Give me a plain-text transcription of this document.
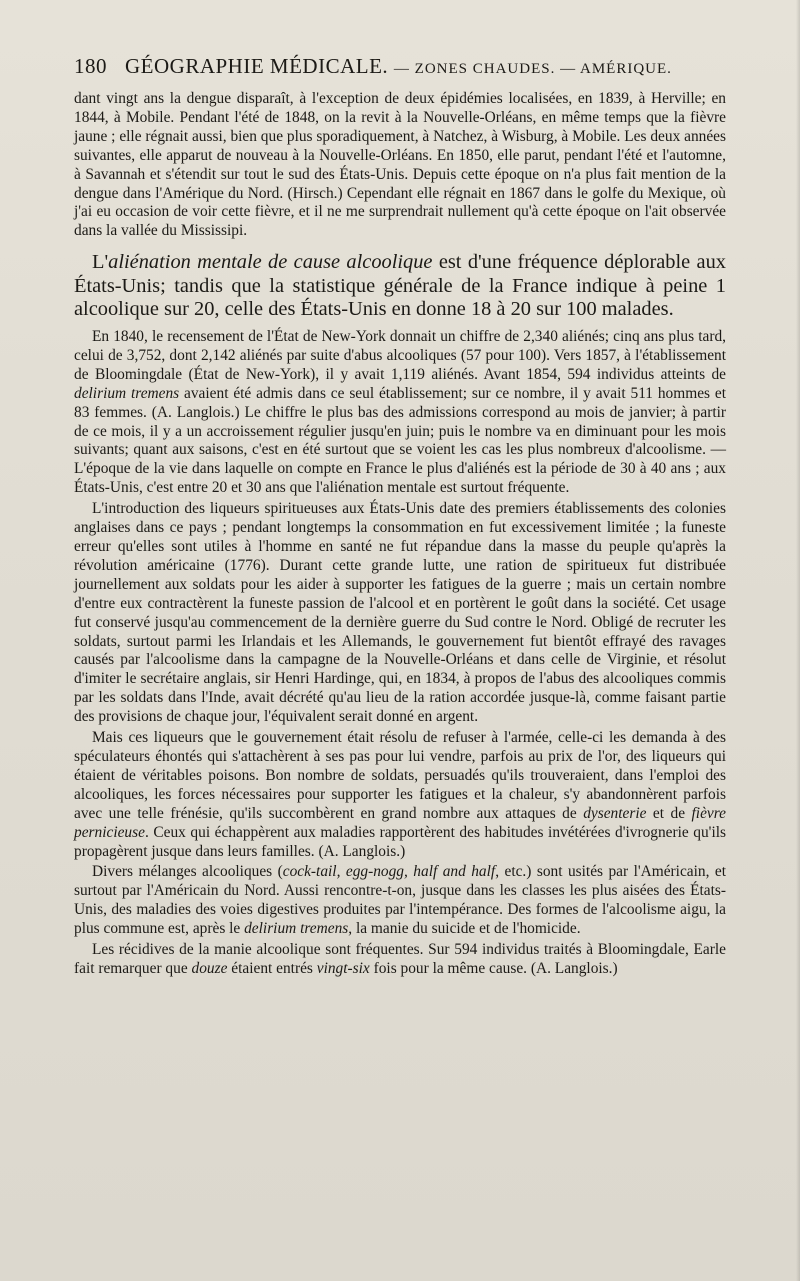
180 GÉOGRAPHIE MÉDICALE. — ZONES CHAUDES. — AMÉRIQUE.

dant vingt ans la dengue disparaît, à l'exception de deux épidémies localisées, en 1839, à Herville; en 1844, à Mobile. Pendant l'été de 1848, on la revit à la Nouvelle-Orléans, en même temps que la fièvre jaune ; elle régnait aussi, bien que plus sporadiquement, à Natchez, à Wisburg, à Mobile. Les deux années suivantes, elle apparut de nouveau à la Nouvelle-Orléans. En 1850, elle parut, pendant l'été et l'automne, à Savannah et s'étendit sur tout le sud des États-Unis. Depuis cette époque on n'a plus fait mention de la dengue dans l'Amérique du Nord. (Hirsch.) Cependant elle régnait en 1867 dans le golfe du Mexique, où j'ai eu occasion de voir cette fièvre, et il ne me surprendrait nullement qu'à cette époque on l'ait observée dans la vallée du Mississipi.

L'aliénation mentale de cause alcoolique est d'une fréquence déplorable aux États-Unis; tandis que la statistique générale de la France indique à peine 1 alcoolique sur 20, celle des États-Unis en donne 18 à 20 sur 100 malades.

En 1840, le recensement de l'État de New-York donnait un chiffre de 2,340 aliénés; cinq ans plus tard, celui de 3,752, dont 2,142 aliénés par suite d'abus alcooliques (57 pour 100). Vers 1857, à l'établissement de Bloomingdale (État de New-York), il y avait 1,119 aliénés. Avant 1854, 594 individus atteints de delirium tremens avaient été admis dans ce seul établissement; sur ce nombre, il y avait 511 hommes et 83 femmes. (A. Langlois.) Le chiffre le plus bas des admissions correspond au mois de janvier; à partir de ce mois, il y a un accroissement régulier jusqu'en juin; puis le nombre va en diminuant pour les mois suivants; quant aux saisons, c'est en été surtout que se voient les cas les plus nombreux d'alcoolisme. — L'époque de la vie dans laquelle on compte en France le plus d'aliénés est la période de 30 à 40 ans ; aux États-Unis, c'est entre 20 et 30 ans que l'aliénation mentale est surtout fréquente.

L'introduction des liqueurs spiritueuses aux États-Unis date des premiers établissements des colonies anglaises dans ce pays ; pendant longtemps la consommation en fut excessivement limitée ; la funeste erreur qu'elles sont utiles à l'homme en santé ne fut répandue dans la masse du peuple qu'après la révolution américaine (1776). Durant cette grande lutte, une ration de spiritueux fut distribuée journellement aux soldats pour les aider à supporter les fatigues de la guerre ; mais un certain nombre d'entre eux contractèrent la funeste passion de l'alcool et en portèrent le goût dans la société. Cet usage fut conservé jusqu'au commencement de la dernière guerre du Sud contre le Nord. Obligé de recruter les soldats, surtout parmi les Irlandais et les Allemands, le gouvernement fut bientôt effrayé des ravages causés par l'alcoolisme dans la campagne de la Nouvelle-Orléans et dans celle de Virginie, et résolut d'imiter le secrétaire anglais, sir Henri Hardinge, qui, en 1834, à propos de l'abus des alcooliques commis par les soldats dans l'Inde, avait décrété qu'au lieu de la ration accordée jusque-là, comme faisant partie des provisions de chaque jour, l'équivalent serait donné en argent.

Mais ces liqueurs que le gouvernement était résolu de refuser à l'armée, celle-ci les demanda à des spéculateurs éhontés qui s'attachèrent à ses pas pour lui vendre, parfois au prix de l'or, des liqueurs qui étaient de véritables poisons. Bon nombre de soldats, persuadés qu'ils trouveraient, dans l'emploi des alcooliques, les forces nécessaires pour supporter les fatigues et la chaleur, s'y abandonnèrent parfois avec une telle frénésie, qu'ils succombèrent en grand nombre aux attaques de dysenterie et de fièvre pernicieuse. Ceux qui échappèrent aux maladies rapportèrent des habitudes invétérées d'ivrognerie qu'ils propagèrent jusque dans leurs familles. (A. Langlois.)

Divers mélanges alcooliques (cock-tail, egg-nogg, half and half, etc.) sont usités par l'Américain, et surtout par l'Américain du Nord. Aussi rencontre-t-on, jusque dans les classes les plus aisées des États-Unis, des maladies des voies digestives produites par l'intempérance. Des formes de l'alcoolisme aigu, la plus commune est, après le delirium tremens, la manie du suicide et de l'homicide.

Les récidives de la manie alcoolique sont fréquentes. Sur 594 individus traités à Bloomingdale, Earle fait remarquer que douze étaient entrés vingt-six fois pour la même cause. (A. Langlois.)
